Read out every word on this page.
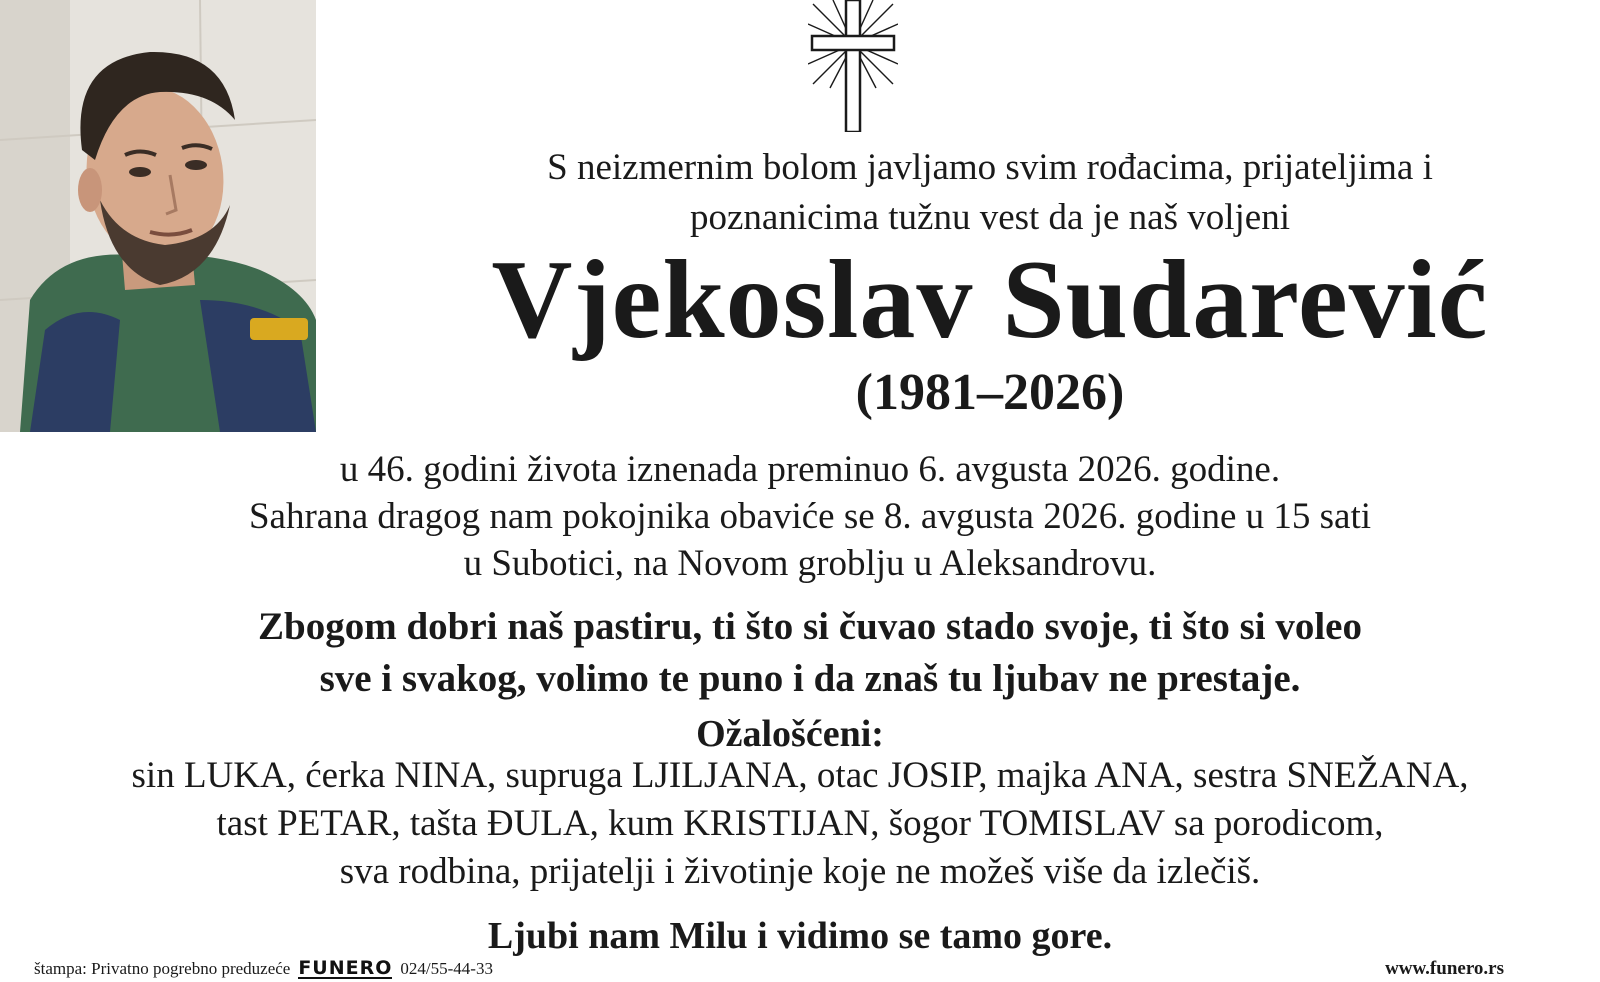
S neizmernim bolom javljamo svim rođacima, prijateljima i
poznanicima tužnu vest da je naš voljeni
Vjekoslav Sudarević
(1981–2026)
u 46. godini života iznenada preminuo 6. avgusta 2026. godine.
Sahrana dragog nam pokojnika obaviće se 8. avgusta 2026. godine u 15 sati
u Subotici, na Novom groblju u Aleksandrovu.
Zbogom dobri naš pastiru, ti što si čuvao stado svoje, ti što si voleo
sve i svakog, volimo te puno i da znaš tu ljubav ne prestaje.
Ožalošćeni:
sin LUKA, ćerka NINA, supruga LJILJANA, otac JOSIP, majka ANA, sestra SNEŽANA,
tast PETAR, tašta ĐULA, kum KRISTIJAN, šogor TOMISLAV sa porodicom,
sva rodbina, prijatelji i životinje koje ne možeš više da izlečiš.
Ljubi nam Milu i vidimo se tamo gore.
štampa: Privatno pogrebno preduzeće FUNERO 024/55-44-33	www.funero.rs
